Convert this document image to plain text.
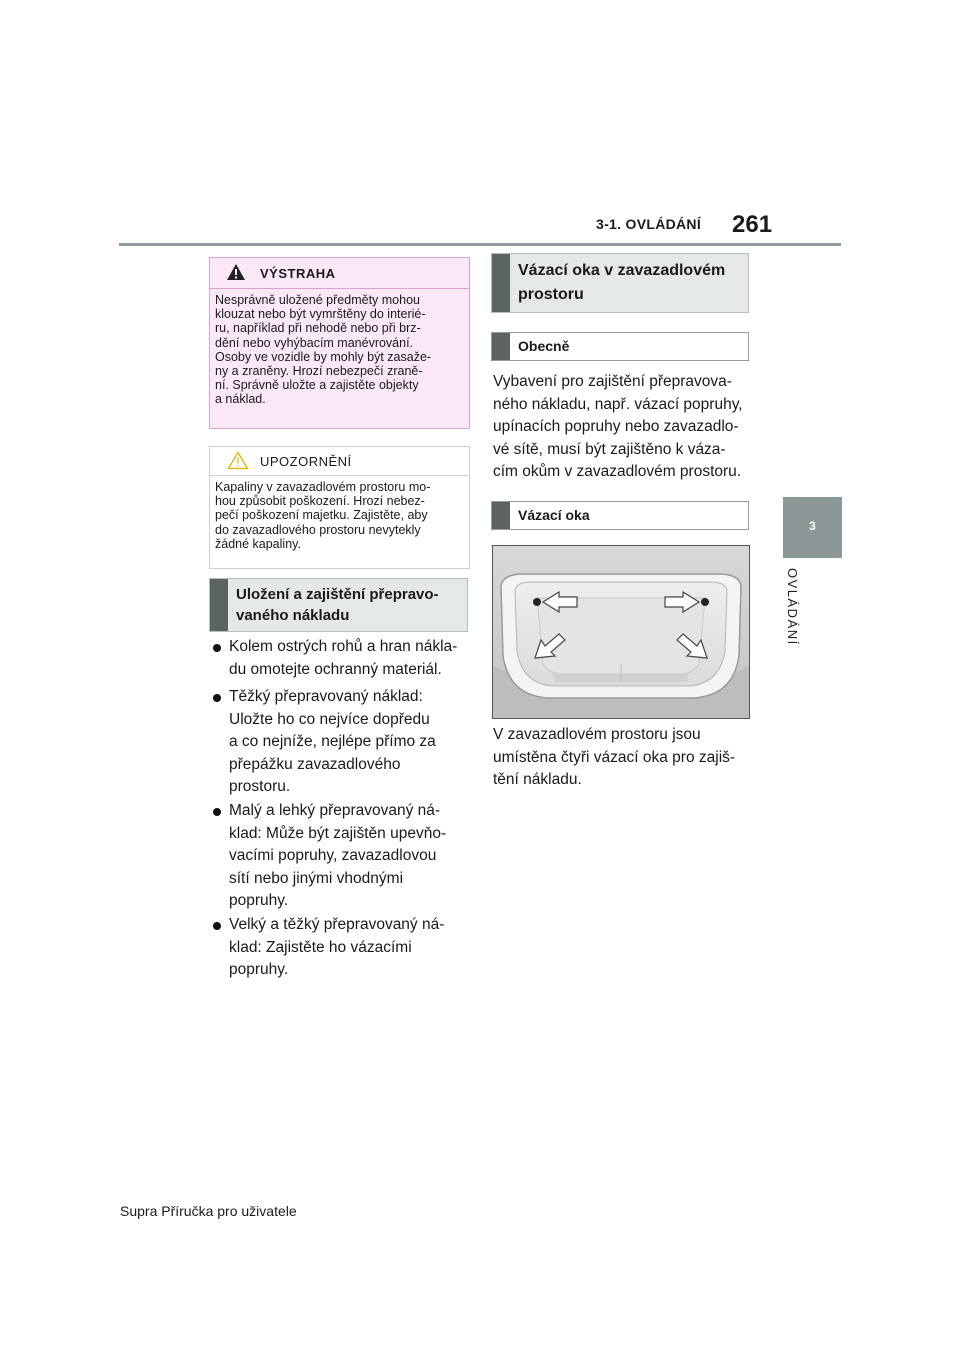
3-1. OVLÁDÁNÍ 261
3
OVLÁDÁNÍ
VÝSTRAHA
Nesprávně uložené předměty mohou
klouzat nebo být vymrštěny do interié-
ru, například při nehodě nebo při brz-
dění nebo vyhýbacím manévrování.
Osoby ve vozidle by mohly být zasaže-
ny a zraněny. Hrozí nebezpečí zraně-
ní. Správně uložte a zajistěte objekty
a náklad.
UPOZORNĚNÍ
Kapaliny v zavazadlovém prostoru mo-
hou způsobit poškození. Hrozí nebez-
pečí poškození majetku. Zajistěte, aby
do zavazadlového prostoru nevytekly
žádné kapaliny.
Uložení a zajištění přepravo-
vaného nákladu
Kolem ostrých rohů a hran nákla-
du omotejte ochranný materiál.
Těžký přepravovaný náklad:
Uložte ho co nejvíce dopředu
a co nejníže, nejlépe přímo za
přepážku zavazadlového
prostoru.
Malý a lehký přepravovaný ná-
klad: Může být zajištěn upevňo-
vacími popruhy, zavazadlovou
sítí nebo jinými vhodnými
popruhy.
Velký a těžký přepravovaný ná-
klad: Zajistěte ho vázacími
popruhy.
Vázací oka v zavazadlovém
prostoru
Obecně
Vybavení pro zajištění přepravova-
ného nákladu, např. vázací popruhy,
upínacích popruhy nebo zavazadlo-
vé sítě, musí být zajištěno k váza-
cím okům v zavazadlovém prostoru.
Vázací oka
V zavazadlovém prostoru jsou
umístěna čtyři vázací oka pro zajiš-
tění nákladu.
Supra Příručka pro uživatele
